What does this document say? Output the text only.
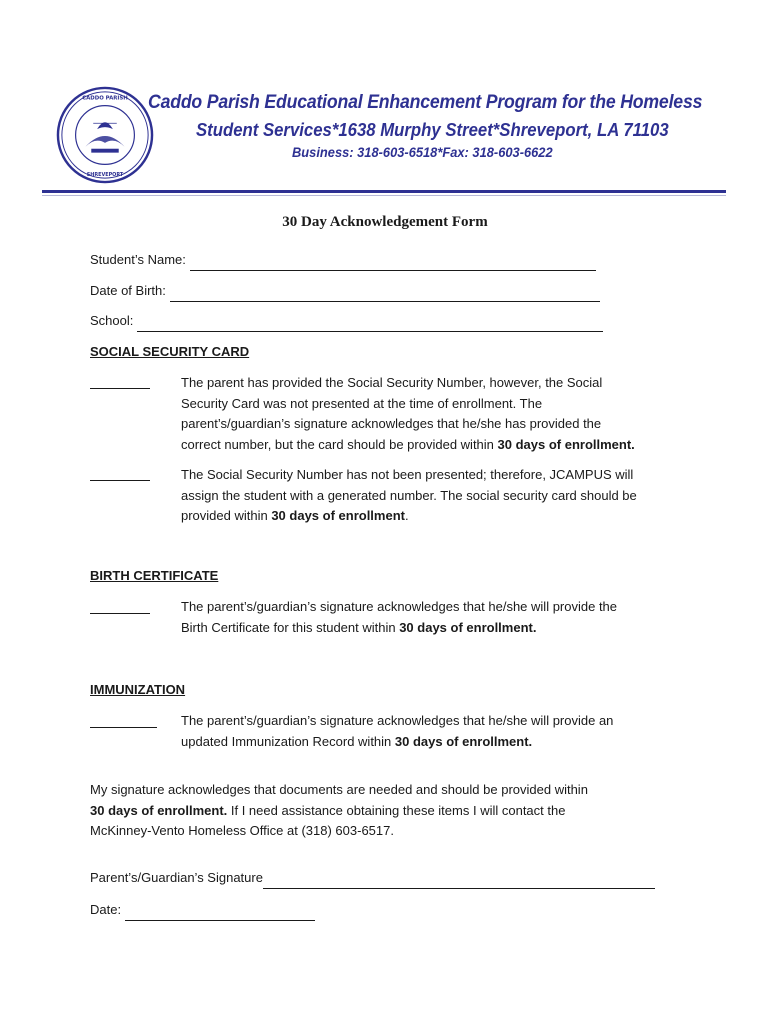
CADDO PARISH
SHREVEPORT
Caddo Parish Educational Enhancement Program for the Homeless
Student Services*1638 Murphy Street*Shreveport, LA 71103
Business: 318-603-6518*Fax: 318-603-6622
30 Day Acknowledgement Form
Student’s Name:
Date of Birth:
School:
SOCIAL SECURITY CARD
The parent has provided the Social Security Number, however, the Social
Security Card was not presented at the time of enrollment. The
parent’s/guardian’s signature acknowledges that he/she has provided the
correct number, but the card should be provided within 30 days of enrollment.
The Social Security Number has not been presented; therefore, JCAMPUS will
assign the student with a generated number. The social security card should be
provided within 30 days of enrollment.
BIRTH CERTIFICATE
The parent’s/guardian’s signature acknowledges that he/she will provide the
Birth Certificate for this student within 30 days of enrollment.
IMMUNIZATION
The parent’s/guardian’s signature acknowledges that he/she will provide an
updated Immunization Record within 30 days of enrollment.
My signature acknowledges that documents are needed and should be provided within
30 days of enrollment. If I need assistance obtaining these items I will contact the
McKinney-Vento Homeless Office at (318) 603-6517.
Parent’s/Guardian’s Signature
Date:
